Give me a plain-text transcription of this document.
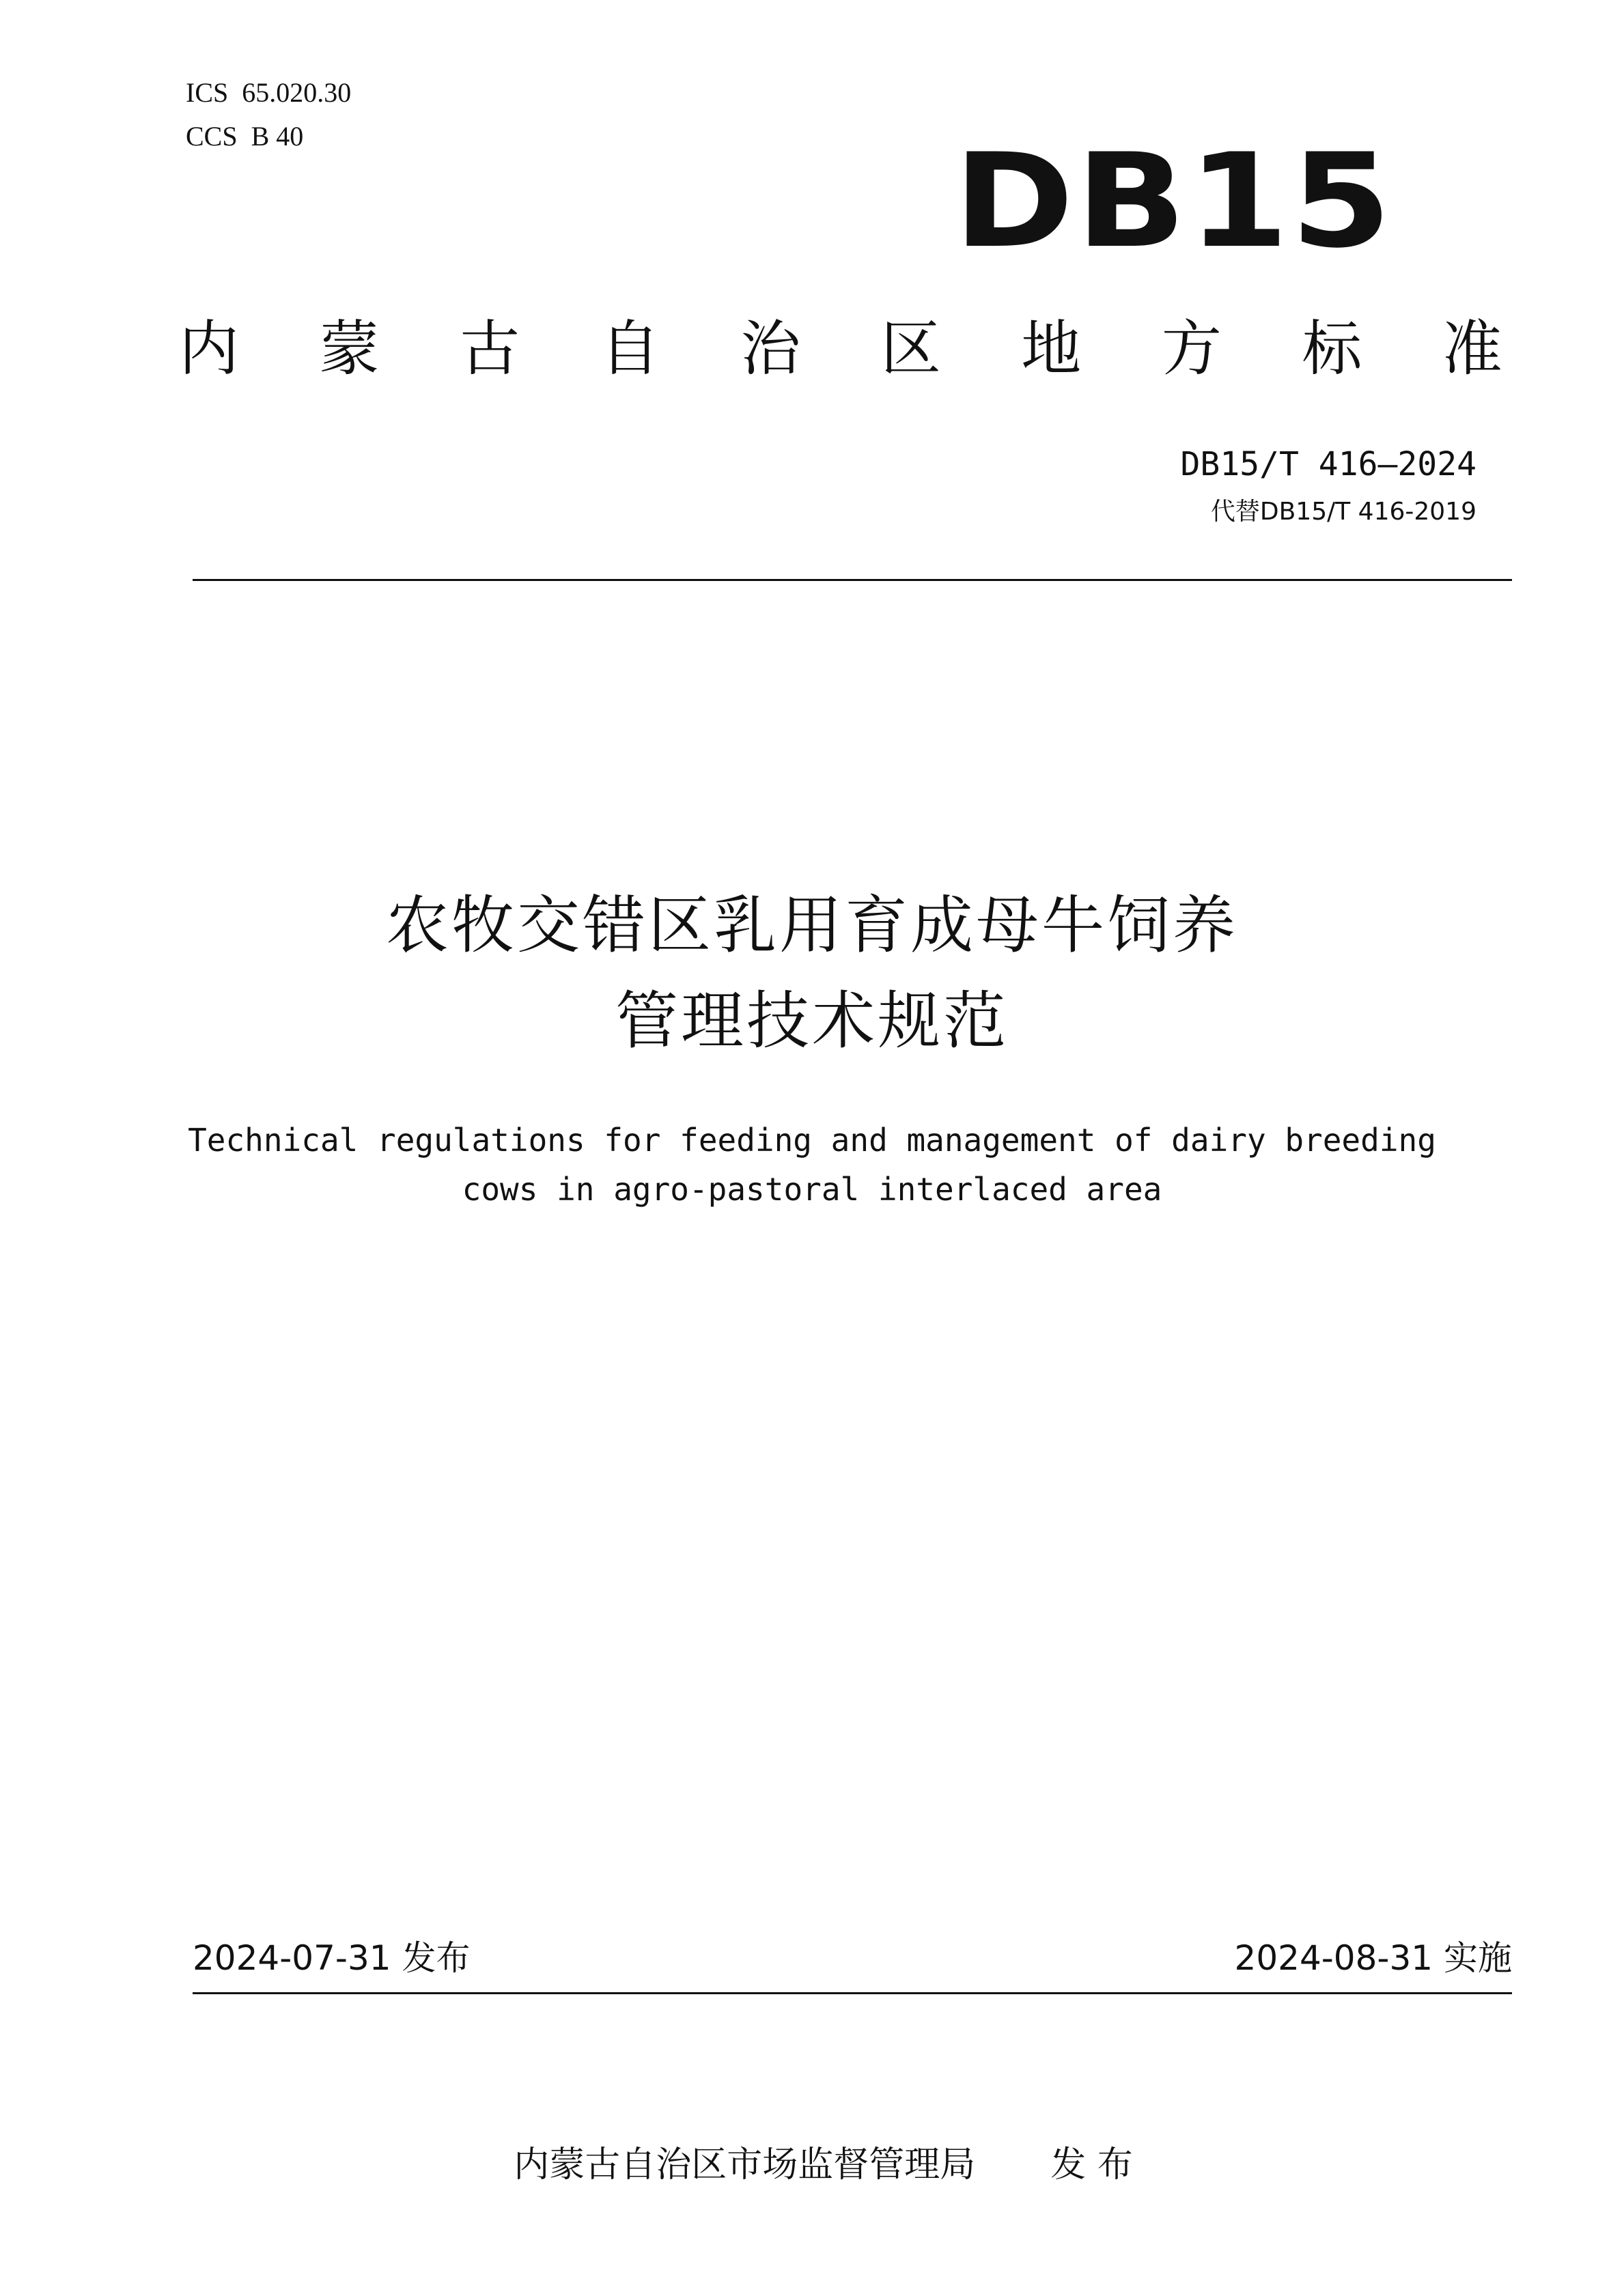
ICS  65.020.30
CCS  B 40	DB15
内 蒙 古 自 治 区 地 方 标 准
DB15/T 416—2024
代替DB15/T 416-2019
农牧交错区乳用育成母牛饲养
管理技术规范
Technical regulations for feeding and management of dairy breeding
cows in agro-pastoral interlaced area
2024-07-31 发布	2024-08-31 实施

内蒙古自治区市场监督管理局 发 布
